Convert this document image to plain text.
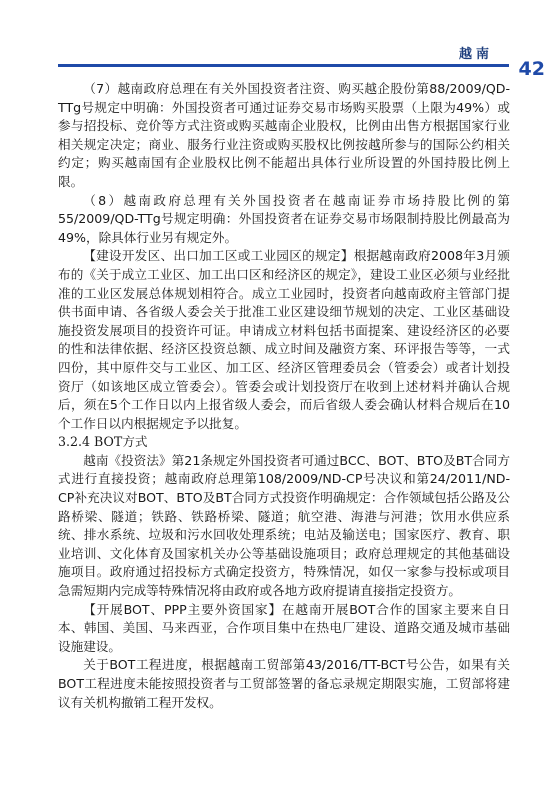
越南
42

（7）越南政府总理在有关外国投资者注资、购买越企股份第88/2009/QD-TTg号规定中明确：外国投资者可通过证券交易市场购买股票（上限为49%）或参与招投标、竞价等方式注资或购买越南企业股权，比例由出售方根据国家行业相关规定决定；商业、服务行业注资或购买股权比例按越所参与的国际公约相关约定；购买越南国有企业股权比例不能超出具体行业所设置的外国持股比例上限。

（8）越南政府总理有关外国投资者在越南证券市场持股比例的第55/2009/QD-TTg号规定明确：外国投资者在证券交易市场限制持股比例最高为49%，除具体行业另有规定外。

【建设开发区、出口加工区或工业园区的规定】根据越南政府2008年3月颁布的《关于成立工业区、加工出口区和经济区的规定》，建设工业区必须与业经批准的工业区发展总体规划相符合。成立工业园时，投资者向越南政府主管部门提供书面申请、各省级人委会关于批准工业区建设细节规划的决定、工业区基础设施投资发展项目的投资许可证。申请成立材料包括书面提案、建设经济区的必要的性和法律依据、经济区投资总额、成立时间及融资方案、环评报告等等，一式四份，其中原件交与工业区、加工区、经济区管理委员会（管委会）或者计划投资厅（如该地区成立管委会）。管委会或计划投资厅在收到上述材料并确认合规后，须在5个工作日以内上报省级人委会，而后省级人委会确认材料合规后在10个工作日以内根据规定予以批复。

3.2.4 BOT方式

越南《投资法》第21条规定外国投资者可通过BCC、BOT、BTO及BT合同方式进行直接投资；越南政府总理第108/2009/ND-CP号决议和第24/2011/ND-CP补充决议对BOT、BTO及BT合同方式投资作明确规定：合作领域包括公路及公路桥梁、隧道；铁路、铁路桥梁、隧道；航空港、海港与河港；饮用水供应系统、排水系统、垃圾和污水回收处理系统；电站及输送电；国家医疗、教育、职业培训、文化体育及国家机关办公等基础设施项目；政府总理规定的其他基础设施项目。政府通过招投标方式确定投资方，特殊情况，如仅一家参与投标或项目急需短期内完成等特殊情况将由政府或各地方政府提请直接指定投资方。

【开展BOT、PPP主要外资国家】在越南开展BOT合作的国家主要来自日本、韩国、美国、马来西亚，合作项目集中在热电厂建设、道路交通及城市基础设施建设。

关于BOT工程进度，根据越南工贸部第43/2016/TT-BCT号公告，如果有关BOT工程进度未能按照投资者与工贸部签署的备忘录规定期限实施，工贸部将建议有关机构撤销工程开发权。
